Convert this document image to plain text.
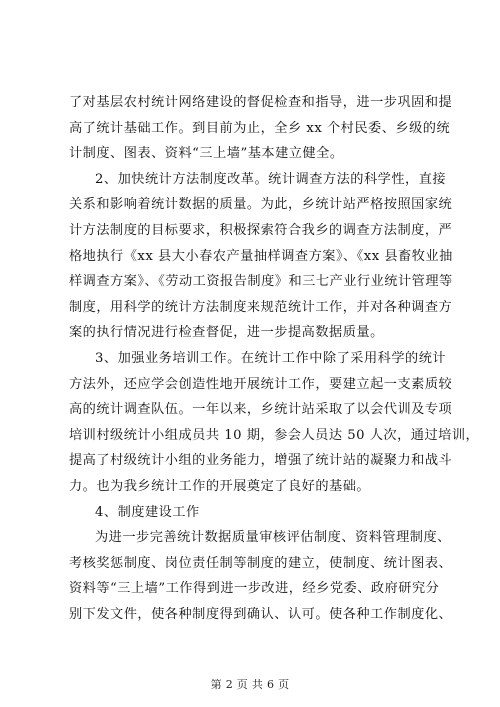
了对基层农村统计网络建设的督促检查和指导，进一步巩固和提
高了统计基础工作。到目前为止，全乡 xx 个村民委、乡级的统
计制度、图表、资料“三上墙”基本建立健全。
2、加快统计方法制度改革。统计调查方法的科学性，直接
关系和影响着统计数据的质量。为此，乡统计站严格按照国家统
计方法制度的目标要求，积极探索符合我乡的调查方法制度，严
格地执行《xx 县大小春农产量抽样调查方案》、《xx 县畜牧业抽
样调查方案》、《劳动工资报告制度》和三七产业行业统计管理等
制度，用科学的统计方法制度来规范统计工作，并对各种调查方
案的执行情况进行检查督促，进一步提高数据质量。
3、加强业务培训工作。在统计工作中除了采用科学的统计
方法外，还应学会创造性地开展统计工作，要建立起一支素质较
高的统计调查队伍。一年以来，乡统计站采取了以会代训及专项
培训村级统计小组成员共 10 期，参会人员达 50 人次，通过培训，
提高了村级统计小组的业务能力，增强了统计站的凝聚力和战斗
力。也为我乡统计工作的开展奠定了良好的基础。
4、制度建设工作
为进一步完善统计数据质量审核评估制度、资料管理制度、
考核奖惩制度、岗位责任制等制度的建立，使制度、统计图表、
资料等“三上墙”工作得到进一步改进，经乡党委、政府研究分
别下发文件，使各种制度得到确认、认可。使各种工作制度化、
第 2 页 共 6 页
